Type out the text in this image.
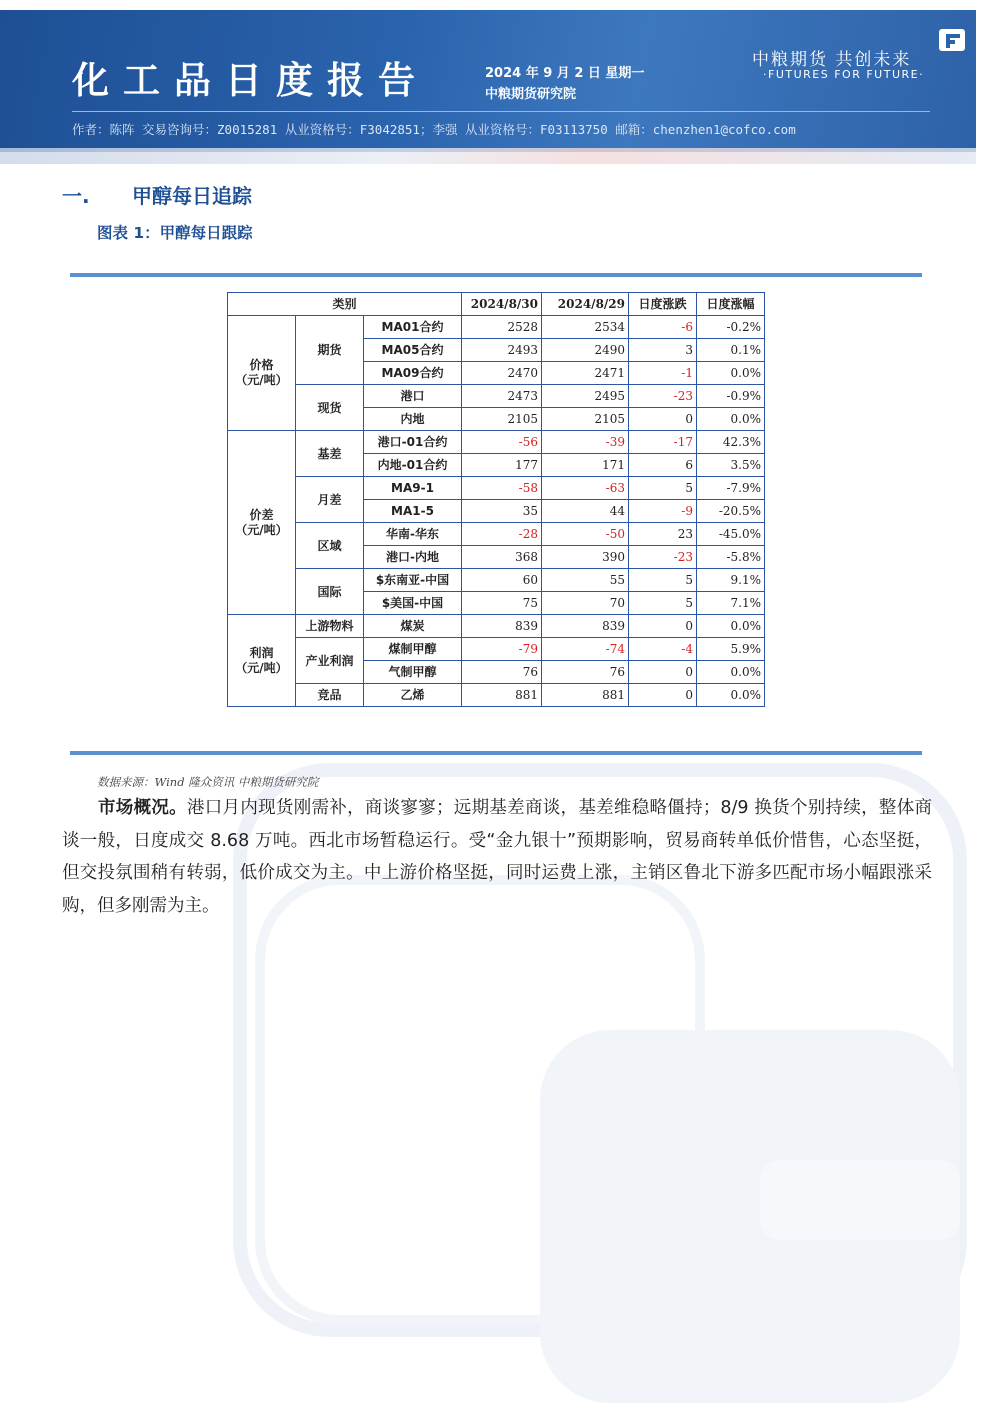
化工品日度报告	2024 年 9 月 2 日 星期一
中粮期货研究院
中粮期货 共创未来
·FUTURES FOR FUTURE·
作者：陈阵 交易咨询号：Z0015281 从业资格号：F3042851；李强 从业资格号：F03113750 邮箱：chenzhen1@cofco.com
一. 甲醇每日追踪
图表 1：甲醇每日跟踪
类别			2024/8/30	2024/8/29	日度涨跌	日度涨幅
价格
（元/吨）	期货	MA01合约	2528	2534	-6	-0.2%
		MA05合约	2493	2490	3	0.1%
		MA09合约	2470	2471	-1	0.0%
	现货	港口	2473	2495	-23	-0.9%
		内地	2105	2105	0	0.0%
价差
（元/吨）	基差	港口-01合约	-56	-39	-17	42.3%
		内地-01合约	177	171	6	3.5%
	月差	MA9-1	-58	-63	5	-7.9%
		MA1-5	35	44	-9	-20.5%
	区域	华南-华东	-28	-50	23	-45.0%
		港口-内地	368	390	-23	-5.8%
	国际	$东南亚-中国	60	55	5	9.1%
		$美国-中国	75	70	5	7.1%
利润
（元/吨）	上游物料	煤炭	839	839	0	0.0%
	产业利润	煤制甲醇	-79	-74	-4	5.9%
		气制甲醇	76	76	0	0.0%
	竞品	乙烯	881	881	0	0.0%
数据来源：Wind 隆众资讯 中粮期货研究院
市场概况。港口月内现货刚需补，商谈寥寥；远期基差商谈，基差维稳略僵持；8/9 换货个别持续，整体商谈一般，日度成交 8.68 万吨。西北市场暂稳运行。受“金九银十”预期影响，贸易商转单低价惜售，心态坚挺，但交投氛围稍有转弱，低价成交为主。中上游价格坚挺，同时运费上涨，主销区鲁北下游多匹配市场小幅跟涨采购，但多刚需为主。
